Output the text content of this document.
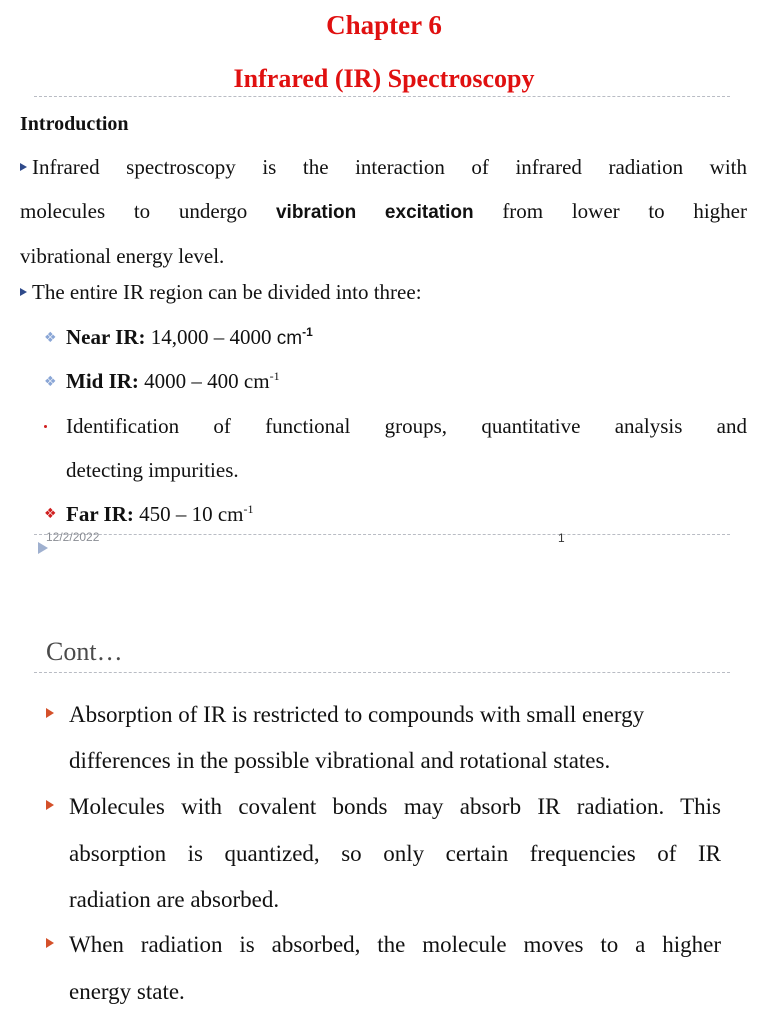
Chapter 6
Infrared (IR) Spectroscopy
Introduction
Infrared spectroscopy is the interaction of infrared radiation with
molecules to undergo vibration excitation from lower to higher
vibrational energy level.
The entire IR region can be divided into three:
❖ Near IR: 14,000 – 4000 $cm^{-1}$
❖ Mid IR: 4000 – 400 $cm^{-1}$
Identification of functional groups, quantitative analysis and
detecting impurities.
❖ Far IR: 450 – 10 $cm^{-1}$
12/2/2022	1
Cont…
Absorption of IR is restricted to compounds with small energy
differences in the possible vibrational and rotational states.
Molecules with covalent bonds may absorb IR radiation. This
absorption is quantized, so only certain frequencies of IR
radiation are absorbed.
When radiation is absorbed, the molecule moves to a higher
energy state.
